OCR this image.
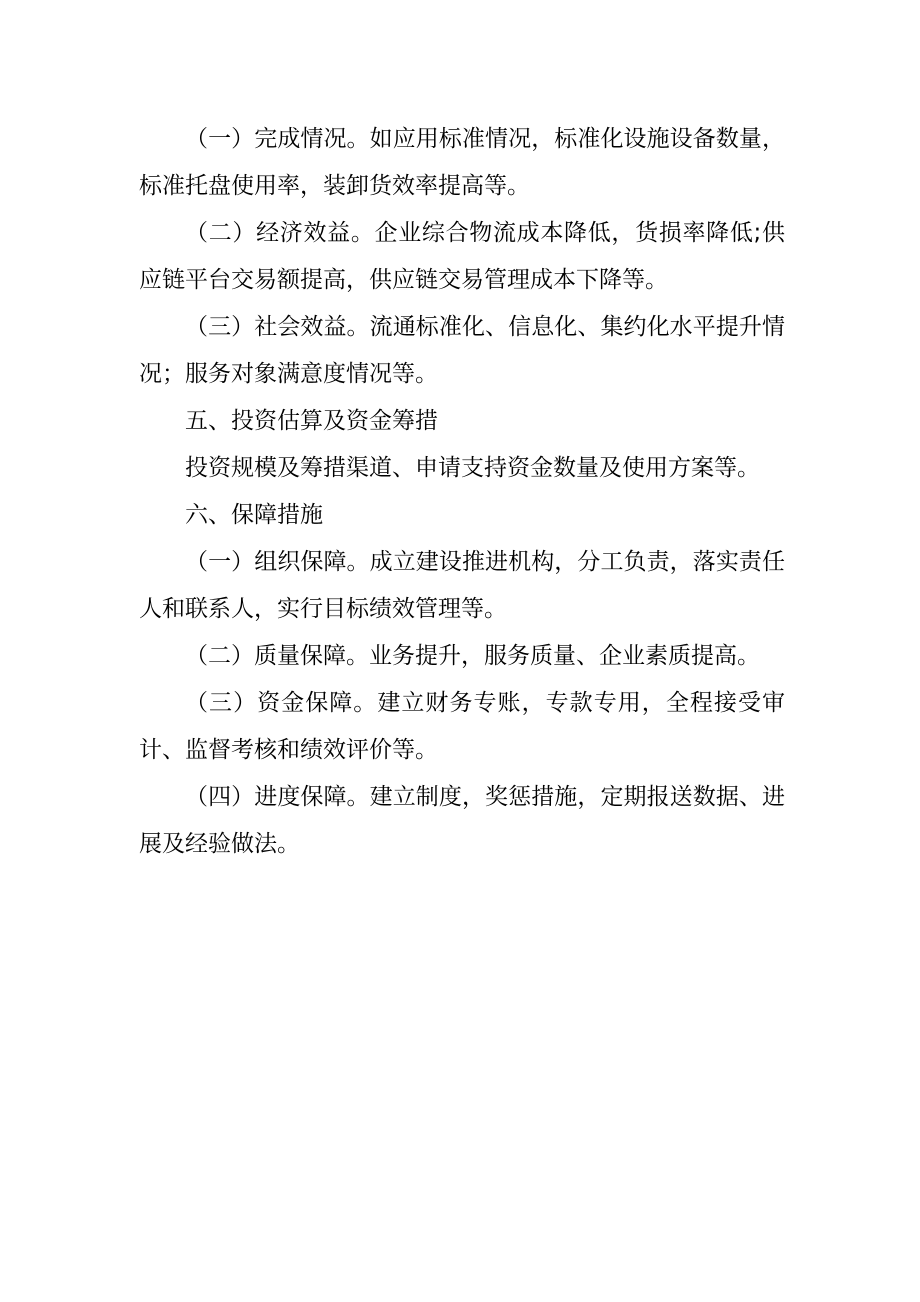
（一）完成情况。如应用标准情况，标准化设施设备数量，标准托盘使用率，装卸货效率提高等。

（二）经济效益。企业综合物流成本降低，货损率降低;供应链平台交易额提高，供应链交易管理成本下降等。

（三）社会效益。流通标准化、信息化、集约化水平提升情况；服务对象满意度情况等。

五、投资估算及资金筹措

投资规模及筹措渠道、申请支持资金数量及使用方案等。

六、保障措施

（一）组织保障。成立建设推进机构，分工负责，落实责任人和联系人，实行目标绩效管理等。

（二）质量保障。业务提升，服务质量、企业素质提高。

（三）资金保障。建立财务专账，专款专用，全程接受审计、监督考核和绩效评价等。

（四）进度保障。建立制度，奖惩措施，定期报送数据、进展及经验做法。
